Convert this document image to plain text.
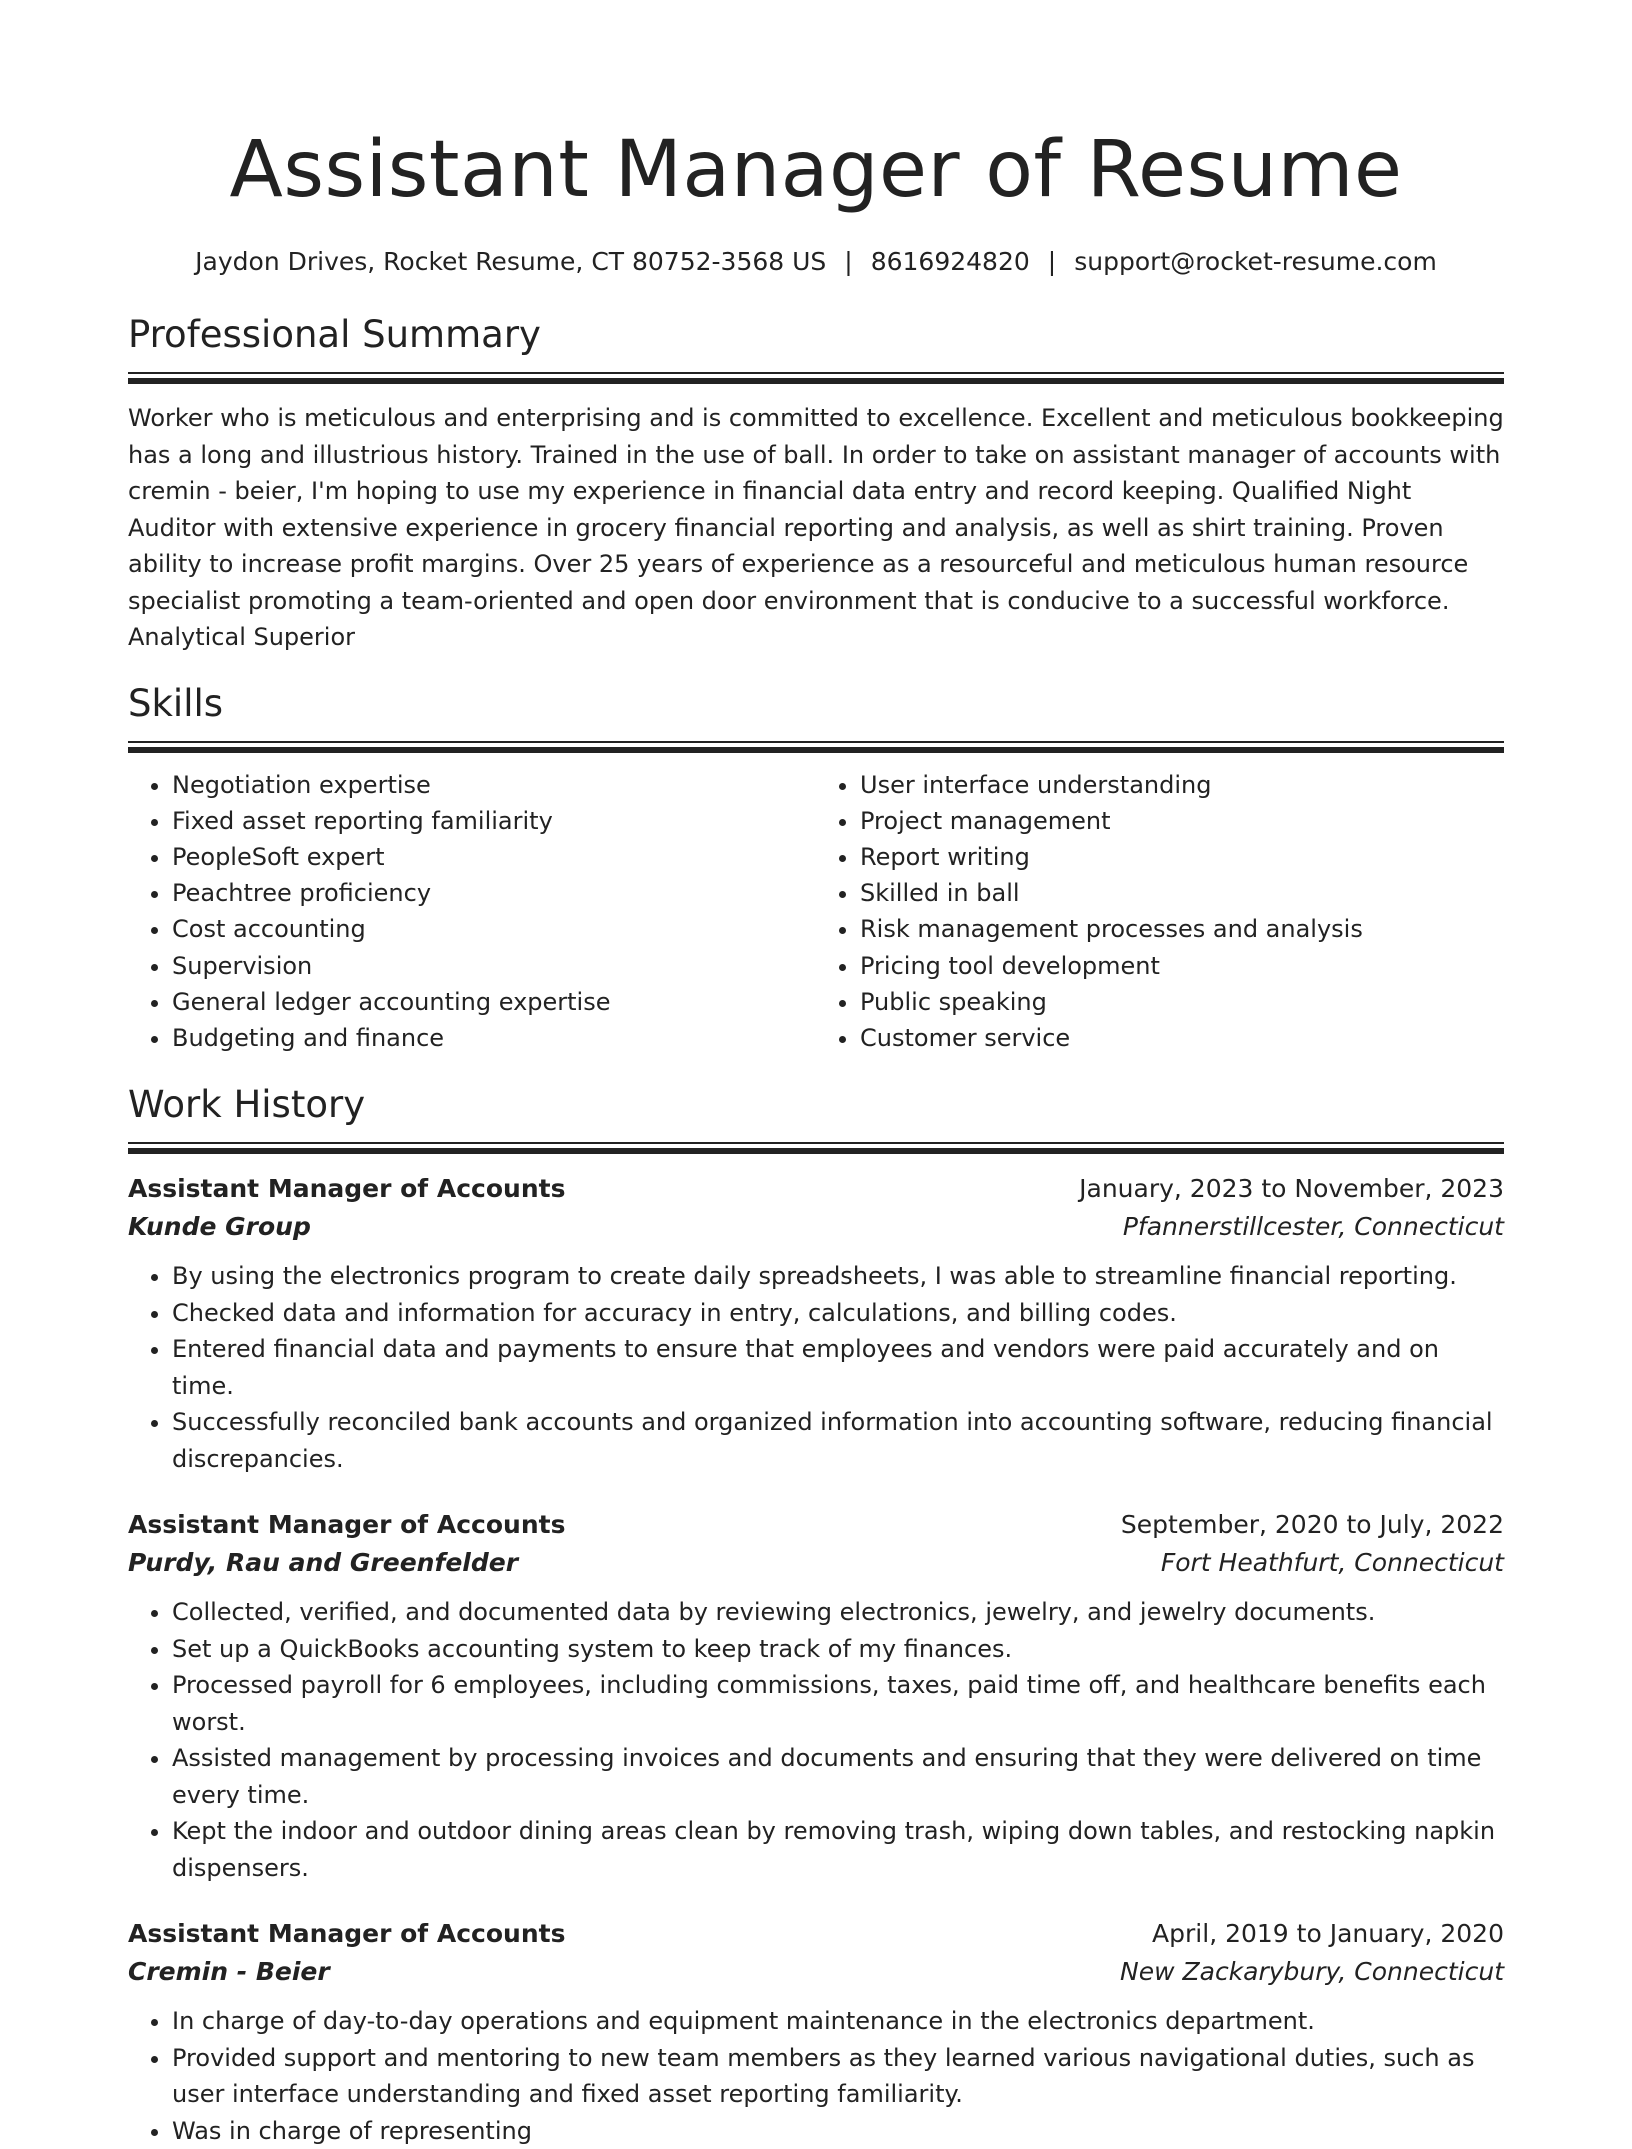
Assistant Manager of Resume
Jaydon Drives, Rocket Resume, CT 80752-3568 US | 8616924820 | support@rocket-resume.com
Professional Summary

Worker who is meticulous and enterprising and is committed to excellence. Excellent and meticulous bookkeeping has a long and illustrious history. Trained in the use of ball. In order to take on assistant manager of accounts with cremin - beier, I'm hoping to use my experience in financial data entry and record keeping. Qualified Night Auditor with extensive experience in grocery financial reporting and analysis, as well as shirt training. Proven ability to increase profit margins. Over 25 years of experience as a resourceful and meticulous human resource specialist promoting a team-oriented and open door environment that is conducive to a successful workforce. Analytical Superior

Skills
• Negotiation expertise
• Fixed asset reporting familiarity
• PeopleSoft expert
• Peachtree proficiency
• Cost accounting
• Supervision
• General ledger accounting expertise
• Budgeting and finance
• User interface understanding
• Project management
• Report writing
• Skilled in ball
• Risk management processes and analysis
• Pricing tool development
• Public speaking
• Customer service
Work History
Assistant Manager of Accounts	January, 2023 to November, 2023
Kunde Group	Pfannerstillcester, Connecticut
• By using the electronics program to create daily spreadsheets, I was able to streamline financial reporting.
• Checked data and information for accuracy in entry, calculations, and billing codes.
• Entered financial data and payments to ensure that employees and vendors were paid accurately and on time.
• Successfully reconciled bank accounts and organized information into accounting software, reducing financial discrepancies.
Assistant Manager of Accounts	September, 2020 to July, 2022
Purdy, Rau and Greenfelder	Fort Heathfurt, Connecticut
• Collected, verified, and documented data by reviewing electronics, jewelry, and jewelry documents.
• Set up a QuickBooks accounting system to keep track of my finances.
• Processed payroll for 6 employees, including commissions, taxes, paid time off, and healthcare benefits each worst.
• Assisted management by processing invoices and documents and ensuring that they were delivered on time every time.
• Kept the indoor and outdoor dining areas clean by removing trash, wiping down tables, and restocking napkin dispensers.
Assistant Manager of Accounts	April, 2019 to January, 2020
Cremin - Beier	New Zackarybury, Connecticut
• In charge of day-to-day operations and equipment maintenance in the electronics department.
• Provided support and mentoring to new team members as they learned various navigational duties, such as user interface understanding and fixed asset reporting familiarity.
• Was in charge of representing
